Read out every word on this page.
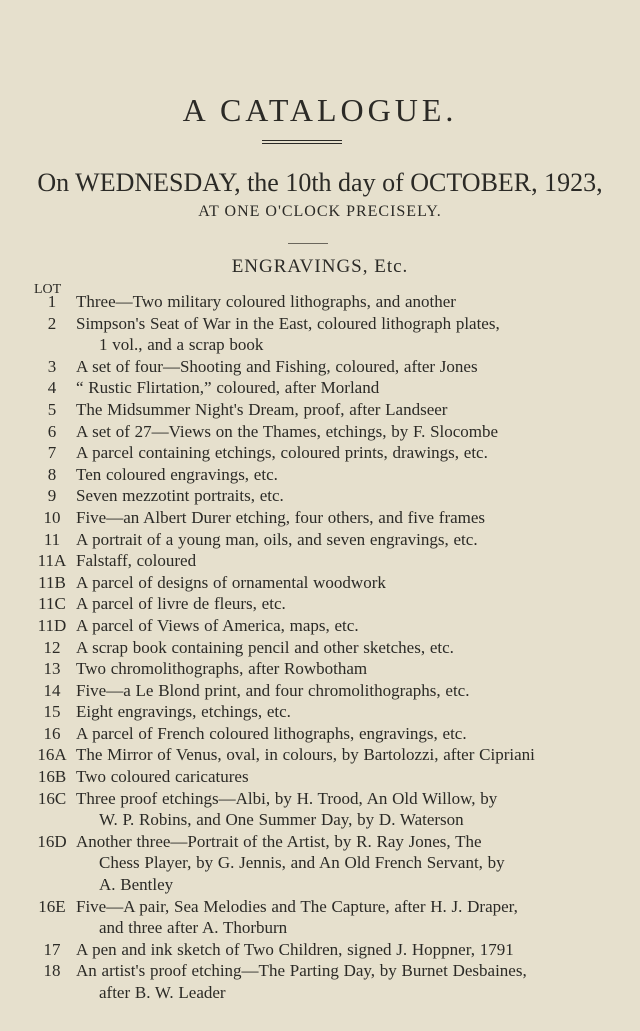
A CATALOGUE.
On WEDNESDAY, the 10th day of OCTOBER, 1923,
AT ONE O'CLOCK PRECISELY.
ENGRAVINGS, Etc.
LOT
1	Three—Two military coloured lithographs, and another
2	Simpson's Seat of War in the East, coloured lithograph plates,
1 vol., and a scrap book
3	A set of four—Shooting and Fishing, coloured, after Jones
4	“ Rustic Flirtation,” coloured, after Morland
5	The Midsummer Night's Dream, proof, after Landseer
6	A set of 27—Views on the Thames, etchings, by F. Slocombe
7	A parcel containing etchings, coloured prints, drawings, etc.
8	Ten coloured engravings, etc.
9	Seven mezzotint portraits, etc.
10 Five—an Albert Durer etching, four others, and five frames
11 A portrait of a young man, oils, and seven engravings, etc.
11A Falstaff, coloured
11B A parcel of designs of ornamental woodwork
11C A parcel of livre de fleurs, etc.
11D A parcel of Views of America, maps, etc.
12 A scrap book containing pencil and other sketches, etc.
13 Two chromolithographs, after Rowbotham
14 Five—a Le Blond print, and four chromolithographs, etc.
15 Eight engravings, etchings, etc.
16 A parcel of French coloured lithographs, engravings, etc.
16A The Mirror of Venus, oval, in colours, by Bartolozzi, after Cipriani
16B Two coloured caricatures
16C Three proof etchings—Albi, by H. Trood, An Old Willow, by
W. P. Robins, and One Summer Day, by D. Waterson
16D Another three—Portrait of the Artist, by R. Ray Jones, The
Chess Player, by G. Jennis, and An Old French Servant, by
A. Bentley
16E Five—A pair, Sea Melodies and The Capture, after H. J. Draper,
and three after A. Thorburn
17 A pen and ink sketch of Two Children, signed J. Hoppner, 1791
18 An artist's proof etching—The Parting Day, by Burnet Desbaines,
after B. W. Leader
